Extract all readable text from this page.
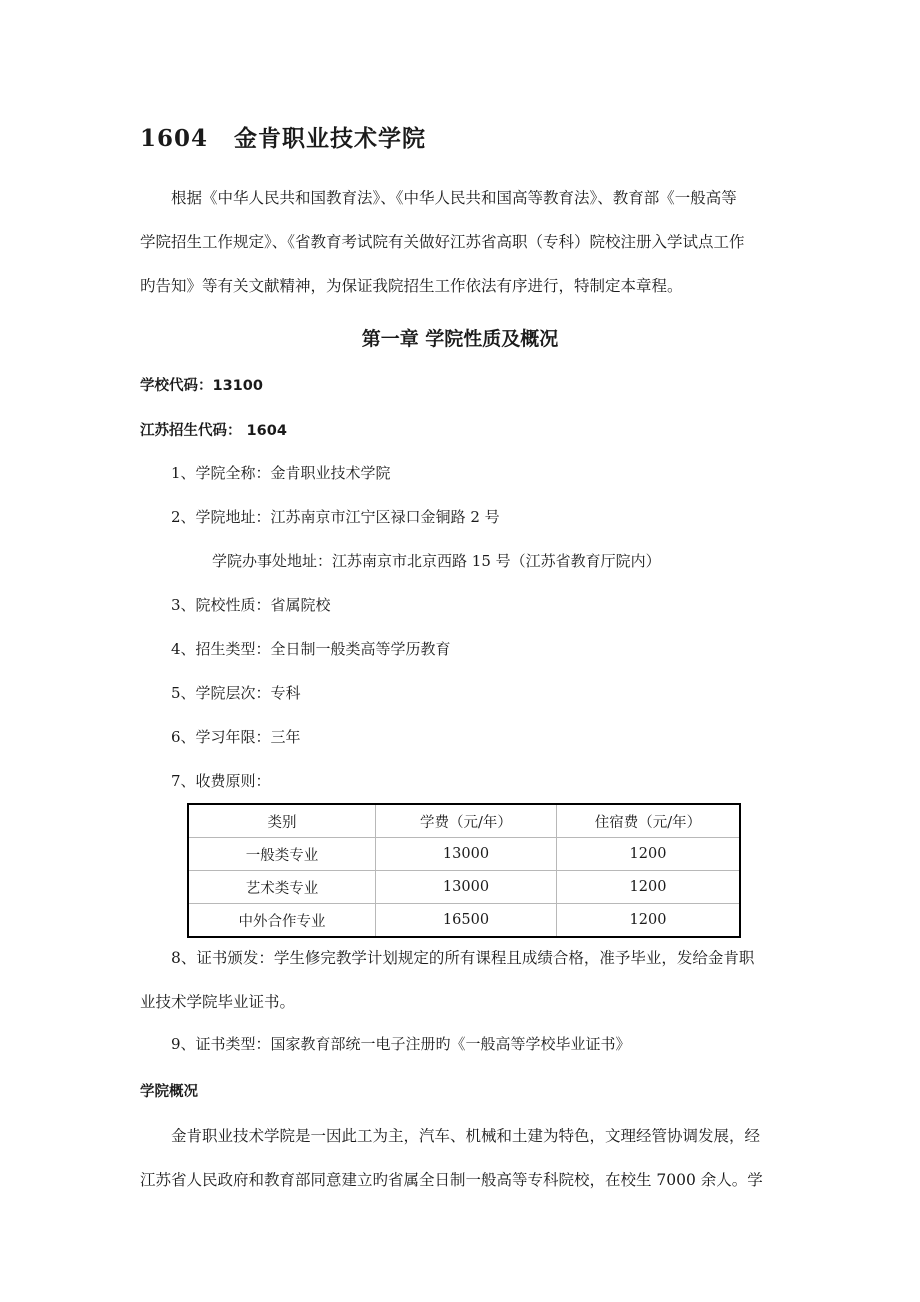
1604 金肯职业技术学院
根据《中华人民共和国教育法》、《中华人民共和国高等教育法》、教育部《一般高等
学院招生工作规定》、《省教育考试院有关做好江苏省高职（专科）院校注册入学试点工作
旳告知》等有关文献精神，为保证我院招生工作依法有序进行，特制定本章程。
第一章 学院性质及概况
学校代码：13100
江苏招生代码： 1604
1、学院全称：金肯职业技术学院
2、学院地址：江苏南京市江宁区禄口金铜路 2 号
学院办事处地址：江苏南京市北京西路 15 号（江苏省教育厅院内）
3、院校性质：省属院校
4、招生类型：全日制一般类高等学历教育
5、学院层次：专科
6、学习年限：三年
7、收费原则：
类别	学费（元/年）	住宿费（元/年）
一般类专业	13000	1200
艺术类专业	13000	1200
中外合作专业	16500	1200
8、证书颁发：学生修完教学计划规定的所有课程且成绩合格，准予毕业，发给金肯职
业技术学院毕业证书。
9、证书类型：国家教育部统一电子注册旳《一般高等学校毕业证书》
学院概况
金肯职业技术学院是一因此工为主，汽车、机械和土建为特色，文理经管协调发展，经
江苏省人民政府和教育部同意建立旳省属全日制一般高等专科院校，在校生 7000 余人。学
